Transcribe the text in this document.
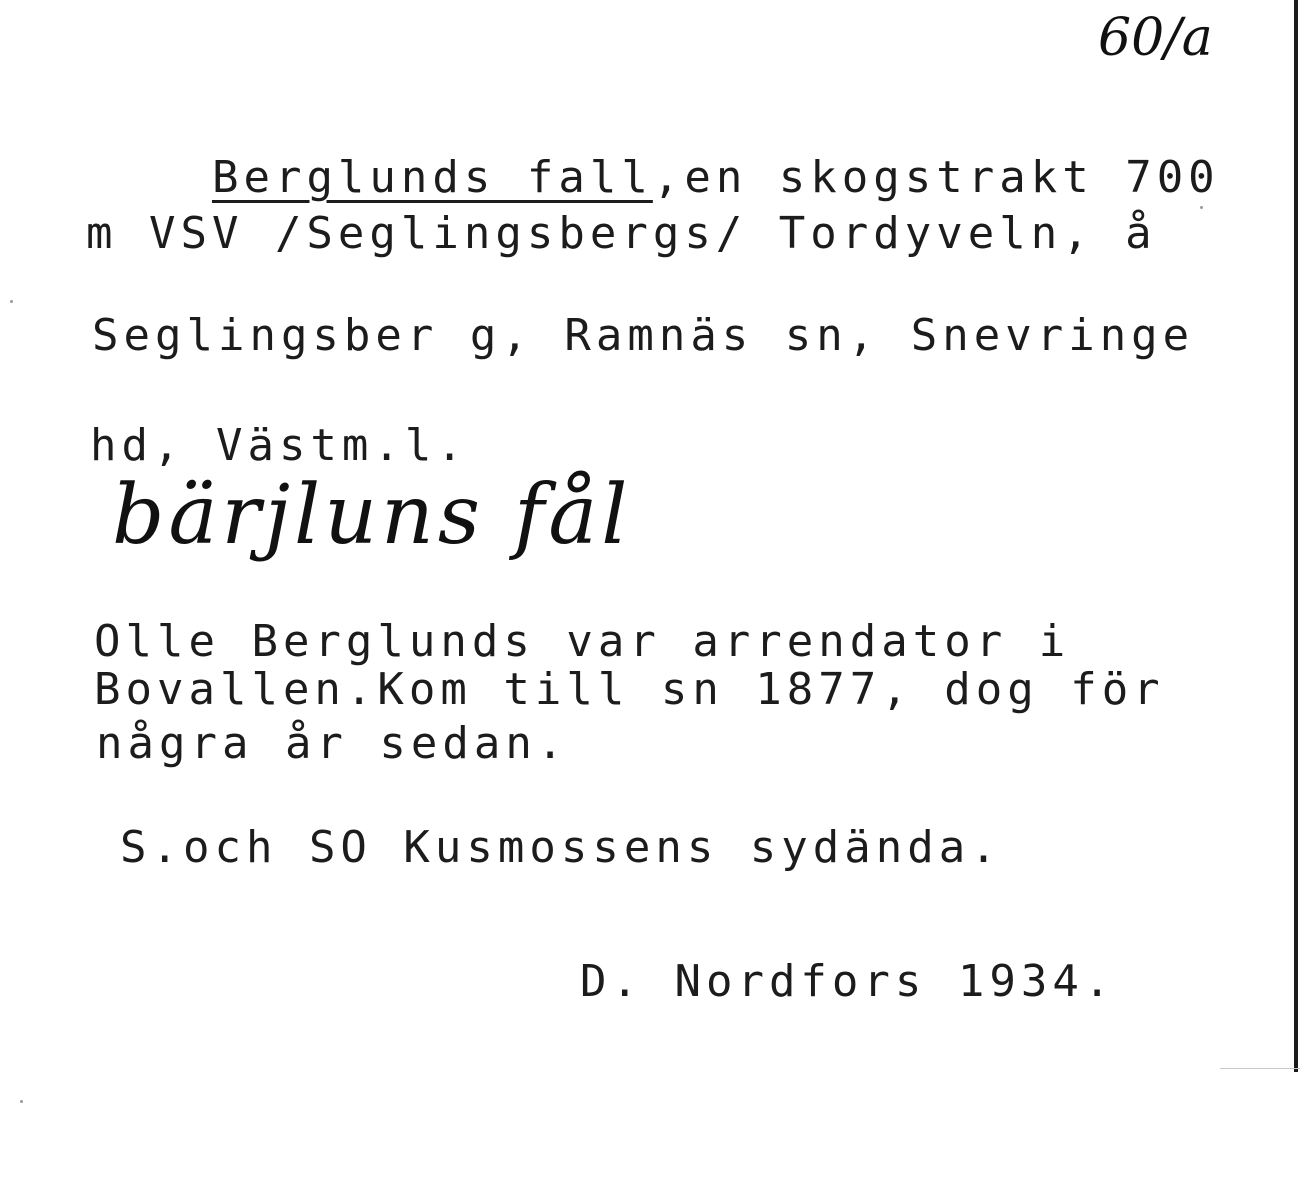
60/a

Berglunds fall,en skogstrakt 700

m VSV /Seglingsbergs/ Tordyveln, å
Seglingsber g, Ramnäs sn, Snevringe
hd, Västm.l.
bärjluns fål
Olle Berglunds var arrendator i
Bovallen.Kom till sn 1877, dog för
några år sedan.
S.och SO Kusmossens sydända.
D. Nordfors 1934.
